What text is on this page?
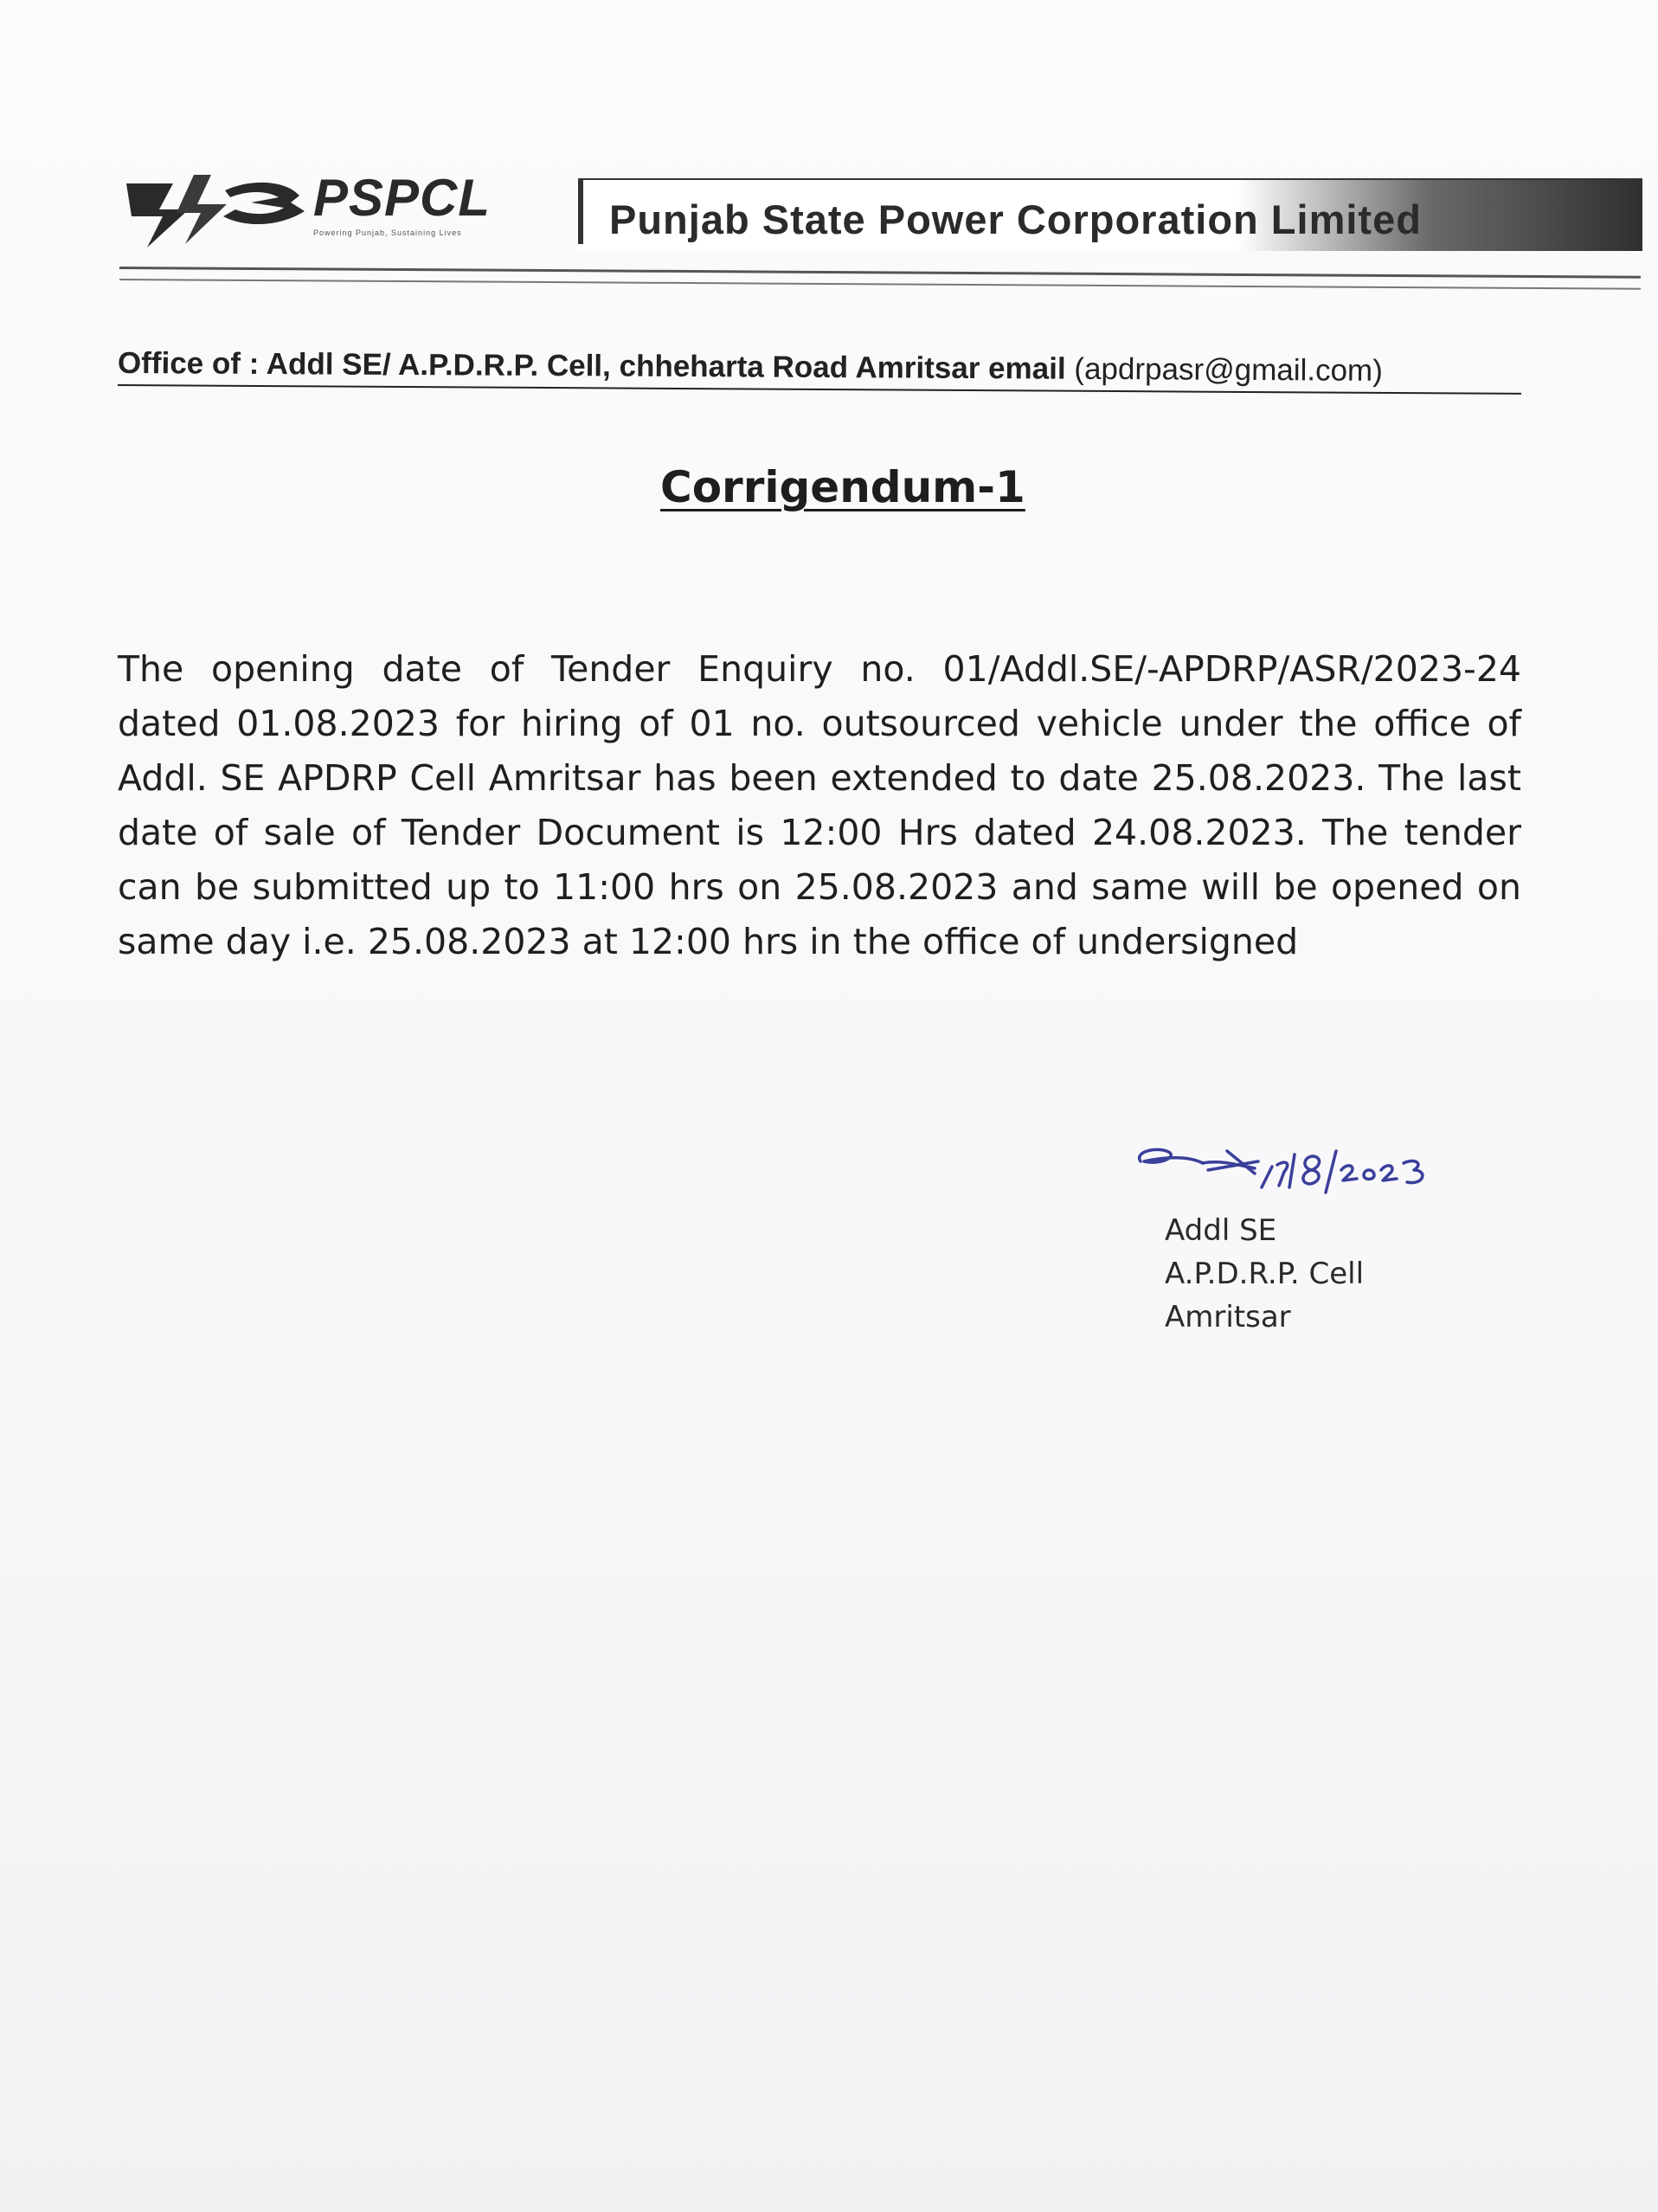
PSPCL
Powering Punjab, Sustaining Lives	Punjab State Power Corporation Limited
Office of : Addl SE/ A.P.D.R.P. Cell, chheharta Road Amritsar email (apdrpasr@gmail.com)
Corrigendum-1
The opening date of Tender Enquiry no. 01/Addl.SE/-APDRP/ASR/2023-24 dated 01.08.2023 for hiring of 01 no. outsourced vehicle under the office of Addl. SE APDRP Cell Amritsar has been extended to date 25.08.2023. The last date of sale of Tender Document is 12:00 Hrs dated 24.08.2023. The tender can be submitted up to 11:00 hrs on 25.08.2023 and same will be opened on same day i.e. 25.08.2023 at 12:00 hrs in the office of undersigned
Addl SE
A.P.D.R.P. Cell
Amritsar
